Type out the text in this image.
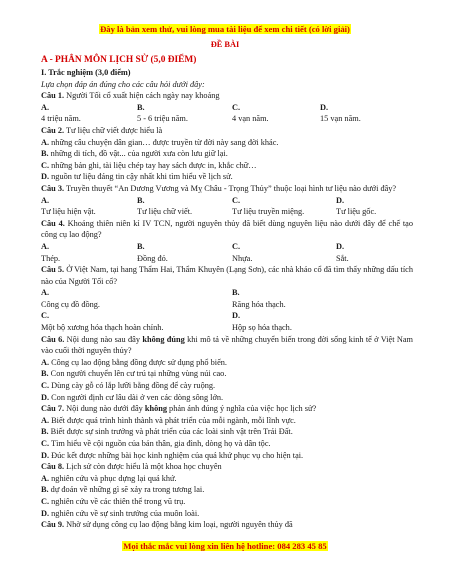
Đây là bản xem thử, vui lòng mua tài liệu để xem chi tiết (có lời giải)
ĐỀ BÀI

A - PHÂN MÔN LỊCH SỬ (5,0 ĐIỂM)

I. Trắc nghiệm (3,0 điểm)

Lựa chọn đáp án đúng cho các câu hỏi dưới đây:

Câu 1. Người Tối cổ xuất hiện cách ngày nay khoảng

A.
4 triệu năm.
B.
5 - 6 triệu năm.
C.
4 vạn năm.
D.
15 vạn năm.

Câu 2. Tư liệu chữ viết được hiểu là

A. những câu chuyện dân gian… được truyền từ đời này sang đời khác.

B. những di tích, đồ vật... của người xưa còn lưu giữ lại.

C. những bản ghi, tài liệu chép tay hay sách được in, khắc chữ…

D. nguồn tư liệu đáng tin cậy nhất khi tìm hiểu về lịch sử.

Câu 3. Truyền thuyết “An Dương Vương và Mỵ Châu - Trọng Thủy” thuộc loại hình tư liệu nào dưới đây?

A.
Tư liệu hiện vật.
B.
Tư liệu chữ viết.
C.
Tư liệu truyền miệng.
D.
Tư liệu gốc.

Câu 4. Khoảng thiên niên kỉ IV TCN, người nguyên thủy đã biết dùng nguyên liệu nào dưới đây để chế tạo công cụ lao động?

A.
Thép.
B.
Đồng đỏ.
C.
Nhựa.
D.
Sắt.

Câu 5. Ở Việt Nam, tại hang Thẩm Hai, Thẩm Khuyên (Lạng Sơn), các nhà khảo cổ đã tìm thấy những dấu tích nào của Người Tối cổ?

A.
Công cụ đồ đồng.
B.
Răng hóa thạch.
C.
Một bộ xương hóa thạch hoàn chỉnh.
D.
Hộp sọ hóa thạch.

Câu 6. Nội dung nào sau đây không đúng khi mô tả về những chuyển biến trong đời sống kinh tế ở Việt Nam vào cuối thời nguyên thủy?

A. Công cụ lao động bằng đồng được sử dụng phổ biến.

B. Con người chuyển lên cư trú tại những vùng núi cao.

C. Dùng cày gỗ có lắp lưỡi bằng đồng để cày ruộng.

D. Con người định cư lâu dài ở ven các dòng sông lớn.

Câu 7. Nội dung nào dưới đây không phản ánh đúng ý nghĩa của việc học lịch sử?

A. Biết được quá trình hình thành và phát triển của mỗi ngành, mỗi lĩnh vực.

B. Biết được sự sinh trưởng và phát triển của các loài sinh vật trên Trái Đất.

C. Tìm hiểu về cội nguồn của bản thân, gia đình, dòng họ và dân tộc.

D. Đúc kết được những bài học kinh nghiệm của quá khứ phục vụ cho hiện tại.

Câu 8. Lịch sử còn được hiểu là một khoa học chuyên

A. nghiên cứu và phục dựng lại quá khứ.

B. dự đoán về những gì sẽ xảy ra trong tương lai.

C. nghiên cứu về các thiên thể trong vũ trụ.

D. nghiên cứu về sự sinh trưởng của muôn loài.

Câu 9. Nhờ sử dụng công cụ lao động bằng kim loại, người nguyên thủy đã

Mọi thắc mắc vui lòng xin liên hệ hotline: 084 283 45 85
